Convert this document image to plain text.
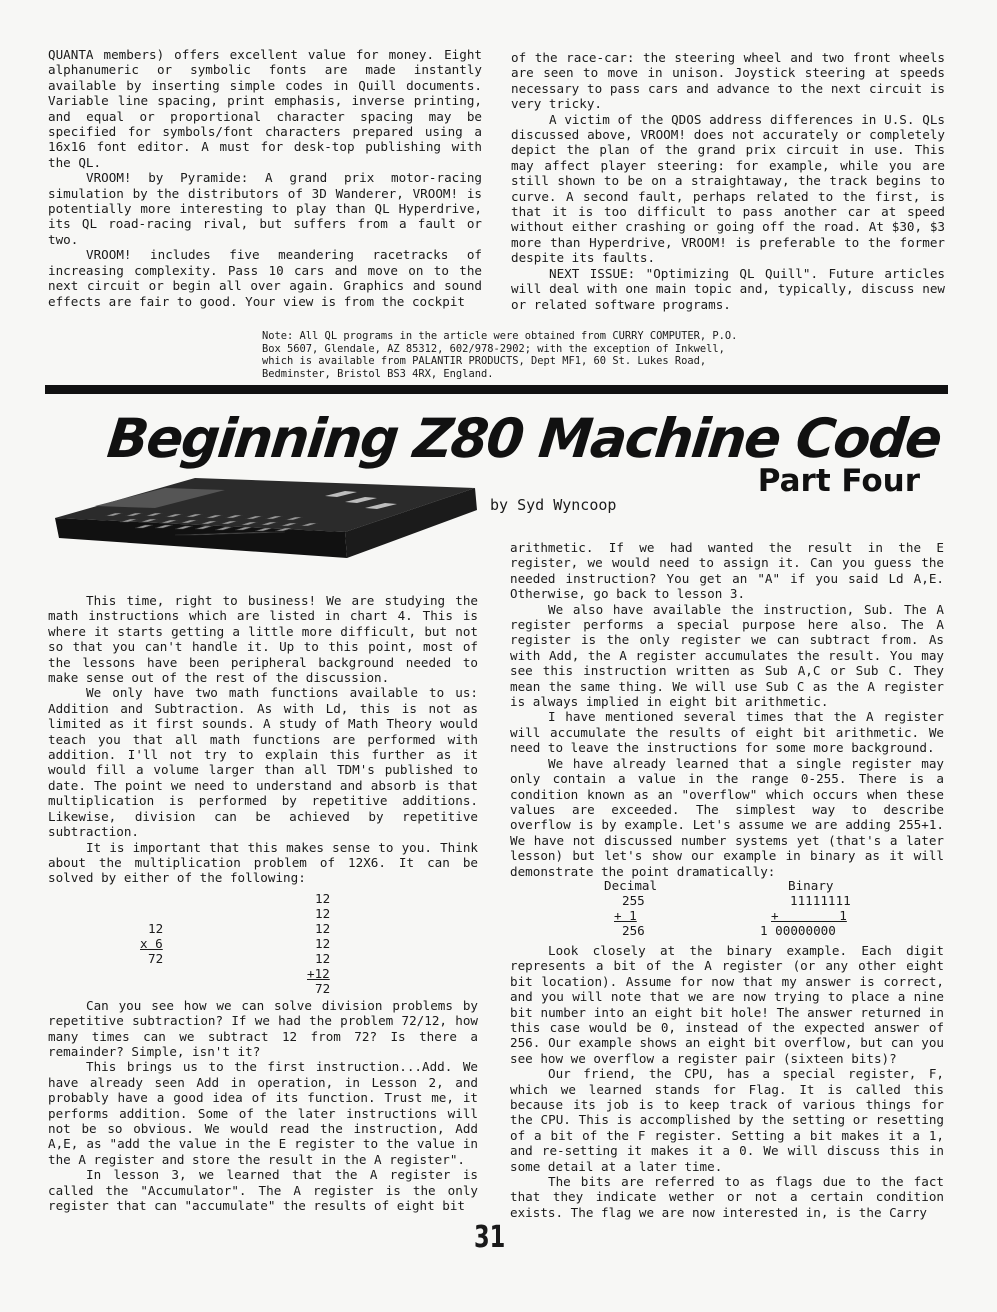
QUANTA members) offers excellent value for money. Eight alphanumeric or symbolic fonts are made instantly available by inserting simple codes in Quill documents. Variable line spacing, print emphasis, inverse printing, and equal or proportional character spacing may be specified for symbols/font characters prepared using a 16x16 font editor. A must for desk-top publishing with the QL.

VROOM! by Pyramide: A grand prix motor-racing simulation by the distributors of 3D Wanderer, VROOM! is potentially more interesting to play than QL Hyperdrive, its QL road-racing rival, but suffers from a fault or two.

VROOM! includes five meandering racetracks of increasing complexity. Pass 10 cars and move on to the next circuit or begin all over again. Graphics and sound effects are fair to good. Your view is from the cockpit

of the race-car: the steering wheel and two front wheels are seen to move in unison. Joystick steering at speeds necessary to pass cars and advance to the next circuit is very tricky.

A victim of the QDOS address differences in U.S. QLs discussed above, VROOM! does not accurately or completely depict the plan of the grand prix circuit in use. This may affect player steering: for example, while you are still shown to be on a straightaway, the track begins to curve. A second fault, perhaps related to the first, is that it is too difficult to pass another car at speed without either crashing or going off the road. At $30, $3 more than Hyperdrive, VROOM! is preferable to the former despite its faults.

NEXT ISSUE: "Optimizing QL Quill". Future articles will deal with one main topic and, typically, discuss new or related software programs.

Note: All QL programs in the article were obtained from CURRY COMPUTER, P.O. Box 5607, Glendale, AZ 85312, 602/978-2902; with the exception of Inkwell, which is available from PALANTIR PRODUCTS, Dept MF1, 60 St. Lukes Road, Bedminster, Bristol BS3 4RX, England.
Beginning Z80 Machine Code
Part Four
by Syd Wyncoop

This time, right to business! We are studying the math instructions which are listed in chart 4. This is where it starts getting a little more difficult, but not so that you can't handle it. Up to this point, most of the lessons have been peripheral background needed to make sense out of the rest of the discussion.

We only have two math functions available to us: Addition and Subtraction. As with Ld, this is not as limited as it first sounds. A study of Math Theory would teach you that all math functions are performed with addition. I'll not try to explain this further as it would fill a volume larger than all TDM's published to date. The point we need to understand and absorb is that multiplication is performed by repetitive additions. Likewise, division can be achieved by repetitive subtraction.

It is important that this makes sense to you. Think about the multiplication problem of 12X6. It can be solved by either of the following:

Can you see how we can solve division problems by repetitive subtraction? If we had the problem 72/12, how many times can we subtract 12 from 72? Is there a remainder? Simple, isn't it?

This brings us to the first instruction...Add. We have already seen Add in operation, in Lesson 2, and probably have a good idea of its function. Trust me, it performs addition. Some of the later instructions will not be so obvious. We would read the instruction, Add A,E, as "add the value in the E register to the value in the A register and store the result in the A register".

In lesson 3, we learned that the A register is called the "Accumulator". The A register is the only register that can "accumulate" the results of eight bit

12
x 6
72
12
12
12
12
12
+12
72

arithmetic. If we had wanted the result in the E register, we would need to assign it. Can you guess the needed instruction? You get an "A" if you said Ld A,E. Otherwise, go back to lesson 3.

We also have available the instruction, Sub. The A register performs a special purpose here also. The A register is the only register we can subtract from. As with Add, the A register accumulates the result. You may see this instruction written as Sub A,C or Sub C. They mean the same thing. We will use Sub C as the A register is always implied in eight bit arithmetic.

I have mentioned several times that the A register will accumulate the results of eight bit arithmetic. We need to leave the instructions for some more background.

We have already learned that a single register may only contain a value in the range 0-255. There is a condition known as an "overflow" which occurs when these values are exceeded. The simplest way to describe overflow is by example. Let's assume we are adding 255+1. We have not discussed number systems yet (that's a later lesson) but let's show our example in binary as it will demonstrate the point dramatically:

Look closely at the binary example. Each digit represents a bit of the A register (or any other eight bit location). Assume for now that my answer is correct, and you will note that we are now trying to place a nine bit number into an eight bit hole! The answer returned in this case would be 0, instead of the expected answer of 256. Our example shows an eight bit overflow, but can you see how we overflow a register pair (sixteen bits)?

Our friend, the CPU, has a special register, F, which we learned stands for Flag. It is called this because its job is to keep track of various things for the CPU. This is accomplished by the setting or resetting of a bit of the F register. Setting a bit makes it a 1, and re-setting it makes it a 0. We will discuss this in some detail at a later time.

The bits are referred to as flags due to the fact that they indicate wether or not a certain condition exists. The flag we are now interested in, is the Carry

Decimal	Binary
255
+ 1
256
11111111
+        1
1 00000000
31
